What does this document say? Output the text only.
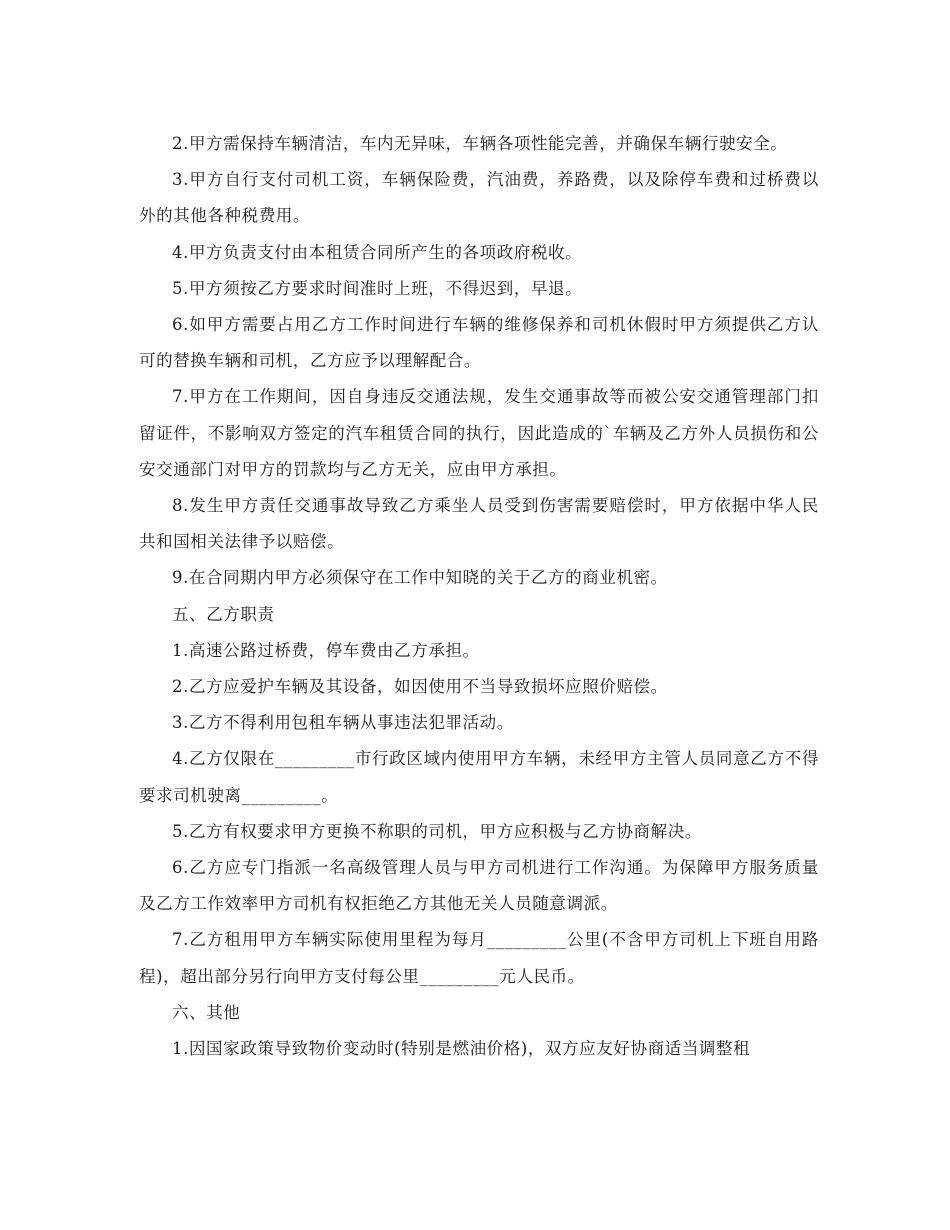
2.甲方需保持车辆清洁，车内无异味，车辆各项性能完善，并确保车辆行驶安全。

3.甲方自行支付司机工资，车辆保险费，汽油费，养路费，以及除停车费和过桥费以外的其他各种税费用。

4.甲方负责支付由本租赁合同所产生的各项政府税收。

5.甲方须按乙方要求时间准时上班，不得迟到，早退。

6.如甲方需要占用乙方工作时间进行车辆的维修保养和司机休假时甲方须提供乙方认可的替换车辆和司机，乙方应予以理解配合。

7.甲方在工作期间，因自身违反交通法规，发生交通事故等而被公安交通管理部门扣留证件，不影响双方签定的汽车租赁合同的执行，因此造成的`车辆及乙方外人员损伤和公安交通部门对甲方的罚款均与乙方无关，应由甲方承担。

8.发生甲方责任交通事故导致乙方乘坐人员受到伤害需要赔偿时，甲方依据中华人民共和国相关法律予以赔偿。

9.在合同期内甲方必须保守在工作中知晓的关于乙方的商业机密。

五、乙方职责

1.高速公路过桥费，停车费由乙方承担。

2.乙方应爱护车辆及其设备，如因使用不当导致损坏应照价赔偿。

3.乙方不得利用包租车辆从事违法犯罪活动。

4.乙方仅限在_________市行政区域内使用甲方车辆，未经甲方主管人员同意乙方不得要求司机驶离_________。

5.乙方有权要求甲方更换不称职的司机，甲方应积极与乙方协商解决。

6.乙方应专门指派一名高级管理人员与甲方司机进行工作沟通。为保障甲方服务质量及乙方工作效率甲方司机有权拒绝乙方其他无关人员随意调派。

7.乙方租用甲方车辆实际使用里程为每月_________公里(不含甲方司机上下班自用路程)，超出部分另行向甲方支付每公里_________元人民币。

六、其他

1.因国家政策导致物价变动时(特别是燃油价格)，双方应友好协商适当调整租
